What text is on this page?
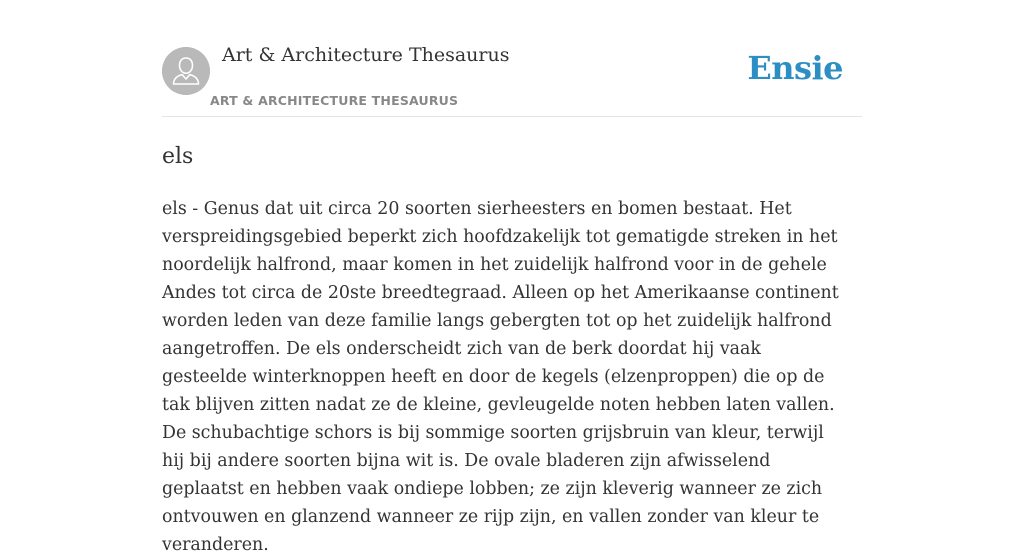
Art & Architecture Thesaurus
ART & ARCHITECTURE THESAURUS
Ensie
els

els - Genus dat uit circa 20 soorten sierheesters en bomen bestaat. Het verspreidingsgebied beperkt zich hoofdzakelijk tot gematigde streken in het noordelijk halfrond, maar komen in het zuidelijk halfrond voor in de gehele Andes tot circa de 20ste breedtegraad. Alleen op het Amerikaanse continent worden leden van deze familie langs gebergten tot op het zuidelijk halfrond aangetroffen. De els onderscheidt zich van de berk doordat hij vaak gesteelde winterknoppen heeft en door de kegels (elzenproppen) die op de tak blijven zitten nadat ze de kleine, gevleugelde noten hebben laten vallen. De schubachtige schors is bij sommige soorten grijsbruin van kleur, terwijl hij bij andere soorten bijna wit is. De ovale bladeren zijn afwisselend geplaatst en hebben vaak ondiepe lobben; ze zijn kleverig wanneer ze zich ontvouwen en glanzend wanneer ze rijp zijn, en vallen zonder van kleur te veranderen.
